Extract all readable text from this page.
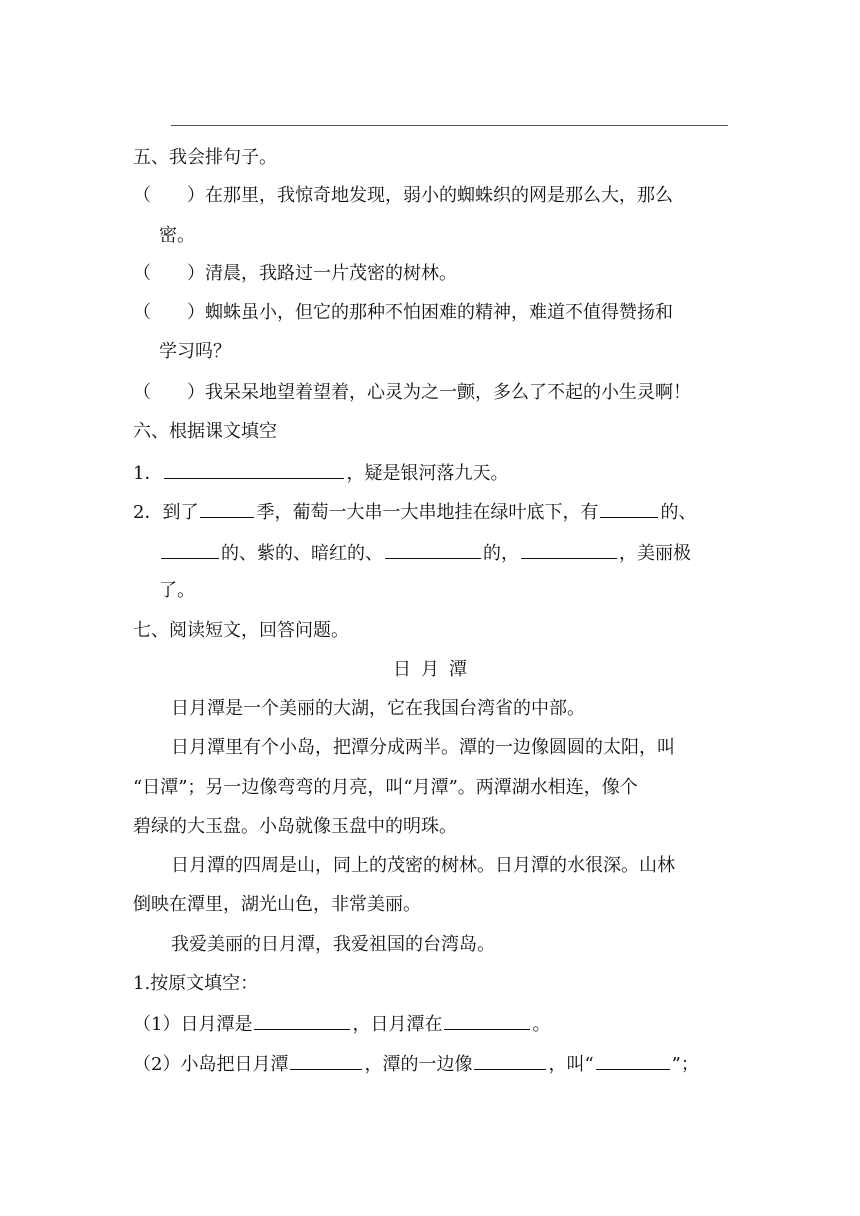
五、我会排句子。
（ ）在那里，我惊奇地发现，弱小的蜘蛛织的网是那么大，那么
密。
（ ）清晨，我路过一片茂密的树林。
（ ）蜘蛛虽小，但它的那种不怕困难的精神，难道不值得赞扬和
学习吗？
（ ）我呆呆地望着望着，心灵为之一颤，多么了不起的小生灵啊！
六、根据课文填空
1．	，疑是银河落九天。
2．到了	季，葡萄一大串一大串地挂在绿叶底下，有	的、
的、紫的、暗红的、	的，	，美丽极
了。
七、阅读短文，回答问题。
日月潭
日月潭是一个美丽的大湖，它在我国台湾省的中部。
日月潭里有个小岛，把潭分成两半。潭的一边像圆圆的太阳，叫
“日潭”；另一边像弯弯的月亮，叫“月潭”。两潭湖水相连，像个
碧绿的大玉盘。小岛就像玉盘中的明珠。
日月潭的四周是山，同上的茂密的树林。日月潭的水很深。山林
倒映在潭里，湖光山色，非常美丽。
我爱美丽的日月潭，我爱祖国的台湾岛。
1.按原文填空：
（1）日月潭是	，日月潭在	。
（2）小岛把日月潭	，潭的一边像	，叫“	”；
